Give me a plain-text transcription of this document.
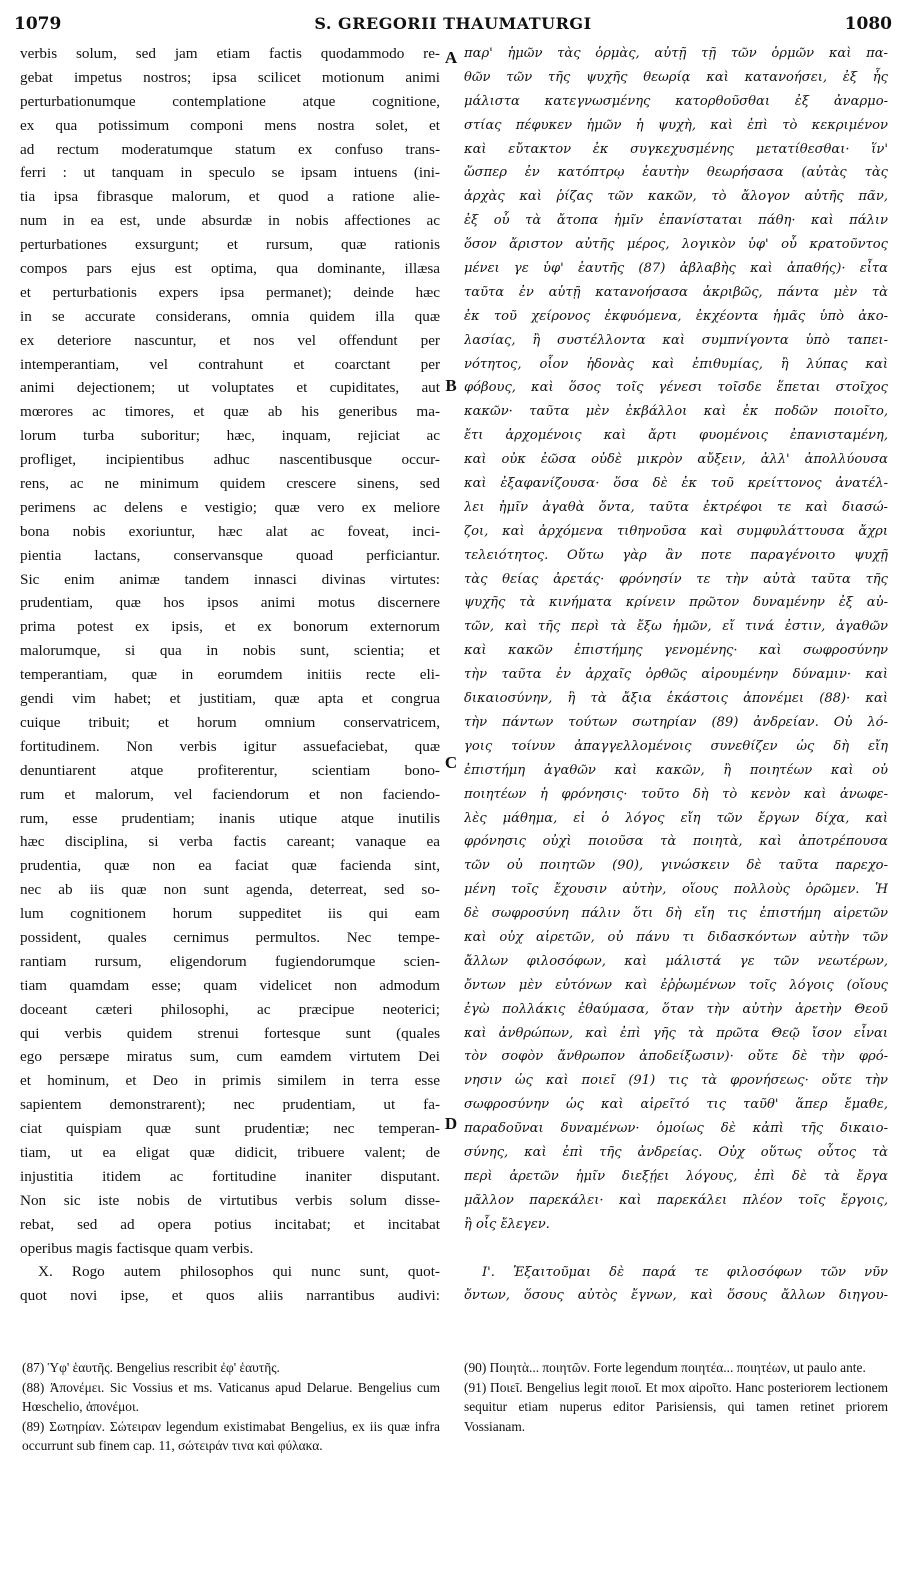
1079	S. GREGORII THAUMATURGI	1080
verbis solum, sed jam etiam factis quodammodo re-
gebat impetus nostros; ipsa scilicet motionum animi
perturbationumque contemplatione atque cognitione,
ex qua potissimum componi mens nostra solet, et
ad rectum moderatumque statum ex confuso trans-
ferri : ut tanquam in speculo se ipsam intuens (ini-
tia ipsa fibrasque malorum, et quod a ratione alie-
num in ea est, unde absurdæ in nobis affectiones ac
perturbationes exsurgunt; et rursum, quæ rationis
compos pars ejus est optima, qua dominante, illæsa
et perturbationis expers ipsa permanet); deinde hæc
in se accurate considerans, omnia quidem illa quæ
ex deteriore nascuntur, et nos vel offendunt per
intemperantiam, vel contrahunt et coarctant per
animi dejectionem; ut voluptates et cupiditates, aut
mœrores ac timores, et quæ ab his generibus ma-
lorum turba suboritur; hæc, inquam, rejiciat ac
profliget, incipientibus adhuc nascentibusque occur-
rens, ac ne minimum quidem crescere sinens, sed
perimens ac delens e vestigio; quæ vero ex meliore
bona nobis exoriuntur, hæc alat ac foveat, inci-
pientia lactans, conservansque quoad perficiantur.
Sic enim animæ tandem innasci divinas virtutes:
prudentiam, quæ hos ipsos animi motus discernere
prima potest ex ipsis, et ex bonorum externorum
malorumque, si qua in nobis sunt, scientia; et
temperantiam, quæ in eorumdem initiis recte eli-
gendi vim habet; et justitiam, quæ apta et congrua
cuique tribuit; et horum omnium conservatricem,
fortitudinem. Non verbis igitur assuefaciebat, quæ
denuntiarent atque profiterentur, scientiam bono-
rum et malorum, vel faciendorum et non faciendo-
rum, esse prudentiam; inanis utique atque inutilis
hæc disciplina, si verba factis careant; vanaque ea
prudentia, quæ non ea faciat quæ facienda sint,
nec ab iis quæ non sunt agenda, deterreat, sed so-
lum cognitionem horum suppeditet iis qui eam
possident, quales cernimus permultos. Nec tempe-
rantiam rursum, eligendorum fugiendorumque scien-
tiam quamdam esse; quam videlicet non admodum
doceant cæteri philosophi, ac præcipue neoterici;
qui verbis quidem strenui fortesque sunt (quales
ego persæpe miratus sum, cum eamdem virtutem Dei
et hominum, et Deo in primis similem in terra esse
sapientem demonstrarent); nec prudentiam, ut fa-
ciat quispiam quæ sunt prudentiæ; nec temperan-
tiam, ut ea eligat quæ didicit, tribuere valent; de
injustitia itidem ac fortitudine inaniter disputant.
Non sic iste nobis de virtutibus verbis solum disse-
rebat, sed ad opera potius incitabat; et incitabat
operibus magis factisque quam verbis.
X. Rogo autem philosophos qui nunc sunt, quot-
quot novi ipse, et quos aliis narrantibus audivi:
παρ' ἡμῶν τὰς ὁρμὰς, αὐτῇ τῇ τῶν ὁρμῶν καὶ πα-
θῶν τῶν τῆς ψυχῆς θεωρίᾳ καὶ κατανοήσει, ἐξ ἧς
μάλιστα κατεγνωσμένης κατορθοῦσθαι ἐξ ἀναρμο-
στίας πέφυκεν ἡμῶν ἡ ψυχὴ, καὶ ἐπὶ τὸ κεκριμένον
καὶ εὔτακτον ἐκ συγκεχυσμένης μετατίθεσθαι· ἵν'
ὥσπερ ἐν κατόπτρῳ ἑαυτὴν θεωρήσασα (αὐτὰς τὰς
ἀρχὰς καὶ ῥίζας τῶν κακῶν, τὸ ἄλογον αὐτῆς πᾶν,
ἐξ οὗ τὰ ἄτοπα ἡμῖν ἐπανίσταται πάθη· καὶ πάλιν
ὅσον ἄριστον αὐτῆς μέρος, λογικὸν ὑφ' οὗ κρατοῦντος
μένει γε ὑφ' ἑαυτῆς (87) ἀβλαβὴς καὶ ἀπαθής)· εἶτα
ταῦτα ἐν αὑτῇ κατανοήσασα ἀκριβῶς, πάντα μὲν τὰ
ἐκ τοῦ χείρονος ἐκφυόμενα, ἐκχέοντα ἡμᾶς ὑπὸ ἀκο-
λασίας, ἢ συστέλλοντα καὶ συμπνίγοντα ὑπὸ ταπει-
νότητος, οἷον ἡδονὰς καὶ ἐπιθυμίας, ἢ λύπας καὶ
φόβους, καὶ ὅσος τοῖς γένεσι τοῖσδε ἕπεται στοῖχος
κακῶν· ταῦτα μὲν ἐκβάλλοι καὶ ἐκ ποδῶν ποιοῖτο,
ἔτι ἀρχομένοις καὶ ἄρτι φυομένοις ἐπανισταμένη,
καὶ οὐκ ἐῶσα οὐδὲ μικρὸν αὔξειν, ἀλλ' ἀπολλύουσα
καὶ ἐξαφανίζουσα· ὅσα δὲ ἐκ τοῦ κρείττονος ἀνατέλ-
λει ἡμῖν ἀγαθὰ ὄντα, ταῦτα ἐκτρέφοι τε καὶ διασώ-
ζοι, καὶ ἀρχόμενα τιθηνοῦσα καὶ συμφυλάττουσα ἄχρι
τελειότητος. Οὕτω γὰρ ἂν ποτε παραγένοιτο ψυχῇ
τὰς θείας ἀρετάς· φρόνησίν τε τὴν αὐτὰ ταῦτα τῆς
ψυχῆς τὰ κινήματα κρίνειν πρῶτον δυναμένην ἐξ αὐ-
τῶν, καὶ τῆς περὶ τὰ ἔξω ἡμῶν, εἴ τινά ἐστιν, ἀγαθῶν
καὶ κακῶν ἐπιστήμης γενομένης· καὶ σωφροσύνην
τὴν ταῦτα ἐν ἀρχαῖς ὀρθῶς αἱρουμένην δύναμιν· καὶ
δικαιοσύνην, ἣ τὰ ἄξια ἑκάστοις ἀπονέμει (88)· καὶ
τὴν πάντων τούτων σωτηρίαν (89) ἀνδρείαν. Οὐ λό-
γοις τοίνυν ἀπαγγελλομένοις συνεθίζεν ὡς δὴ εἴη
ἐπιστήμη ἀγαθῶν καὶ κακῶν, ἢ ποιητέων καὶ οὐ
ποιητέων ἡ φρόνησις· τοῦτο δὴ τὸ κενὸν καὶ ἀνωφε-
λὲς μάθημα, εἰ ὁ λόγος εἴη τῶν ἔργων δίχα, καὶ
φρόνησις οὐχὶ ποιοῦσα τὰ ποιητὰ, καὶ ἀποτρέπουσα
τῶν οὐ ποιητῶν (90), γινώσκειν δὲ ταῦτα παρεχο-
μένη τοῖς ἔχουσιν αὐτὴν, οἵους πολλοὺς ὁρῶμεν. Ἡ
δὲ σωφροσύνη πάλιν ὅτι δὴ εἴη τις ἐπιστήμη αἱρετῶν
καὶ οὐχ αἱρετῶν, οὐ πάνυ τι διδασκόντων αὐτὴν τῶν
ἄλλων φιλοσόφων, καὶ μάλιστά γε τῶν νεωτέρων,
ὄντων μὲν εὐτόνων καὶ ἐῤῥωμένων τοῖς λόγοις (οἵους
ἐγὼ πολλάκις ἐθαύμασα, ὅταν τὴν αὐτὴν ἀρετὴν Θεοῦ
καὶ ἀνθρώπων, καὶ ἐπὶ γῆς τὰ πρῶτα Θεῷ ἴσον εἶναι
τὸν σοφὸν ἄνθρωπον ἀποδείξωσιν)· οὔτε δὲ τὴν φρό-
νησιν ὡς καὶ ποιεῖ (91) τις τὰ φρονήσεως· οὔτε τὴν
σωφροσύνην ὡς καὶ αἱρεῖτό τις ταῦθ' ἅπερ ἔμαθε,
παραδοῦναι δυναμένων· ὁμοίως δὲ κἀπὶ τῆς δικαιο-
σύνης, καὶ ἐπὶ τῆς ἀνδρείας. Οὐχ οὕτως οὗτος τὰ
περὶ ἀρετῶν ἡμῖν διεξῄει λόγους, ἐπὶ δὲ τὰ ἔργα
μᾶλλον παρεκάλει· καὶ παρεκάλει πλέον τοῖς ἔργοις,
ἢ οἷς ἔλεγεν.
Ι'. Ἐξαιτοῦμαι δὲ παρά τε φιλοσόφων τῶν νῦν
ὄντων, ὅσους αὐτὸς ἔγνων, καὶ ὅσους ἄλλων διηγου-
A
B
C
D
(87) Ὑφ' ἑαυτῆς. Bengelius rescribit ἐφ' ἑαυτῆς.
(88) Ἀπονέμει. Sic Vossius et ms. Vaticanus apud Delarue. Bengelius cum Hœschelio, ἀπονέμοι.
(89) Σωτηρίαν. Σώτειραν legendum existimabat Bengelius, ex iis quæ infra occurrunt sub finem cap. 11, σώτειράν τινα καὶ φύλακα.
(90) Ποιητὰ... ποιητῶν. Forte legendum ποιητέα... ποιητέων, ut paulo ante.
(91) Ποιεῖ. Bengelius legit ποιοῖ. Et mox αἱροῖτο. Hanc posteriorem lectionem sequitur etiam nuperus editor Parisiensis, qui tamen retinet priorem Vossianam.
